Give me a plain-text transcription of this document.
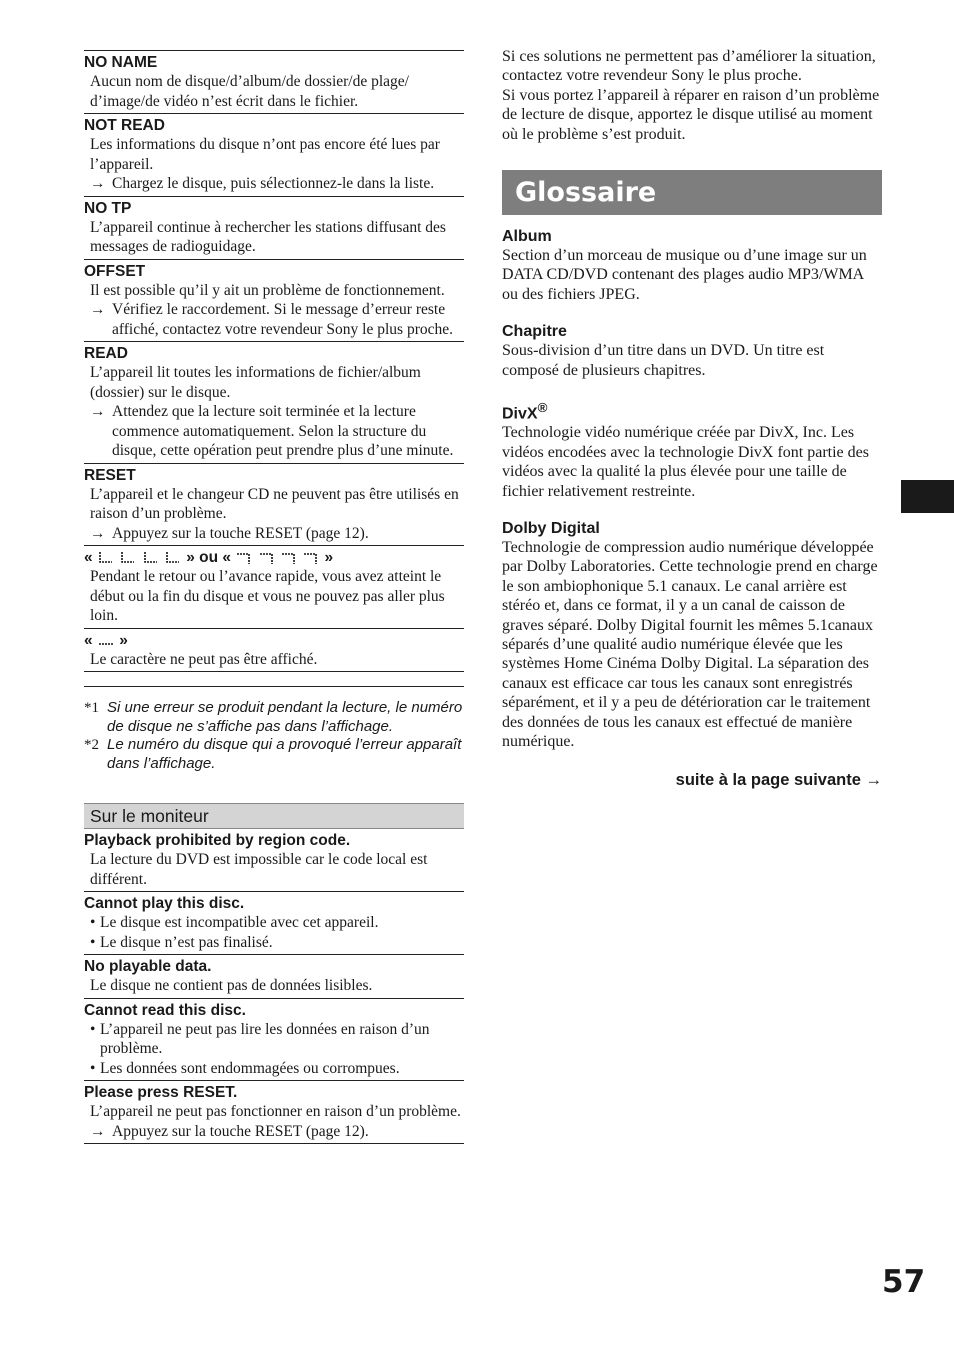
NO NAME
Aucun nom de disque/d’album/de dossier/de plage/ d’image/de vidéo n’est écrit dans le fichier.
NOT READ
Les informations du disque n’ont pas encore été lues par l’appareil.
→ Chargez le disque, puis sélectionnez-le dans la liste.
NO TP
L’appareil continue à rechercher les stations diffusant des messages de radioguidage.
OFFSET
Il est possible qu’il y ait un problème de fonctionnement.
→ Vérifiez le raccordement. Si le message d’erreur reste affiché, contactez votre revendeur Sony le plus proche.
READ
L’appareil lit toutes les informations de fichier/album (dossier) sur le disque.
→ Attendez que la lecture soit terminée et la lecture commence automatiquement. Selon la structure du disque, cette opération peut prendre plus d’une minute.
RESET
L’appareil et le changeur CD ne peuvent pas être utilisés en raison d’un problème.
→ Appuyez sur la touche RESET (page 12).
«	» ou «	»
Pendant le retour ou l’avance rapide, vous avez atteint le début ou la fin du disque et vous ne pouvez pas aller plus loin.
« »
Le caractère ne peut pas être affiché.
*1 Si une erreur se produit pendant la lecture, le numéro de disque ne s’affiche pas dans l’affichage.
*2 Le numéro du disque qui a provoqué l’erreur apparaît dans l’affichage.
Sur le moniteur
Playback prohibited by region code.
La lecture du DVD est impossible car le code local est différent.
Cannot play this disc.
• Le disque est incompatible avec cet appareil.
• Le disque n’est pas finalisé.
No playable data.
Le disque ne contient pas de données lisibles.
Cannot read this disc.
• L’appareil ne peut pas lire les données en raison d’un problème.
• Les données sont endommagées ou corrompues.
Please press RESET.
L’appareil ne peut pas fonctionner en raison d’un problème.
→ Appuyez sur la touche RESET (page 12).
Si ces solutions ne permettent pas d’améliorer la situation, contactez votre revendeur Sony le plus proche.
Si vous portez l’appareil à réparer en raison d’un problème de lecture de disque, apportez le disque utilisé au moment où le problème s’est produit.
Glossaire
Album
Section d’un morceau de musique ou d’une image sur un DATA CD/DVD contenant des plages audio MP3/WMA ou des fichiers JPEG.
Chapitre
Sous-division d’un titre dans un DVD. Un titre est composé de plusieurs chapitres.
DivX®
Technologie vidéo numérique créée par DivX, Inc. Les vidéos encodées avec la technologie DivX font partie des vidéos avec la qualité la plus élevée pour une taille de fichier relativement restreinte.
Dolby Digital
Technologie de compression audio numérique développée par Dolby Laboratories. Cette technologie prend en charge le son ambiophonique 5.1 canaux. Le canal arrière est stéréo et, dans ce format, il y a un canal de caisson de graves séparé. Dolby Digital fournit les mêmes 5.1canaux séparés d’une qualité audio numérique élevée que les systèmes Home Cinéma Dolby Digital. La séparation des canaux est efficace car tous les canaux sont enregistrés séparément, et il y a peu de détérioration car le traitement des données de tous les canaux est effectué de manière numérique.
suite à la page suivante →
57
